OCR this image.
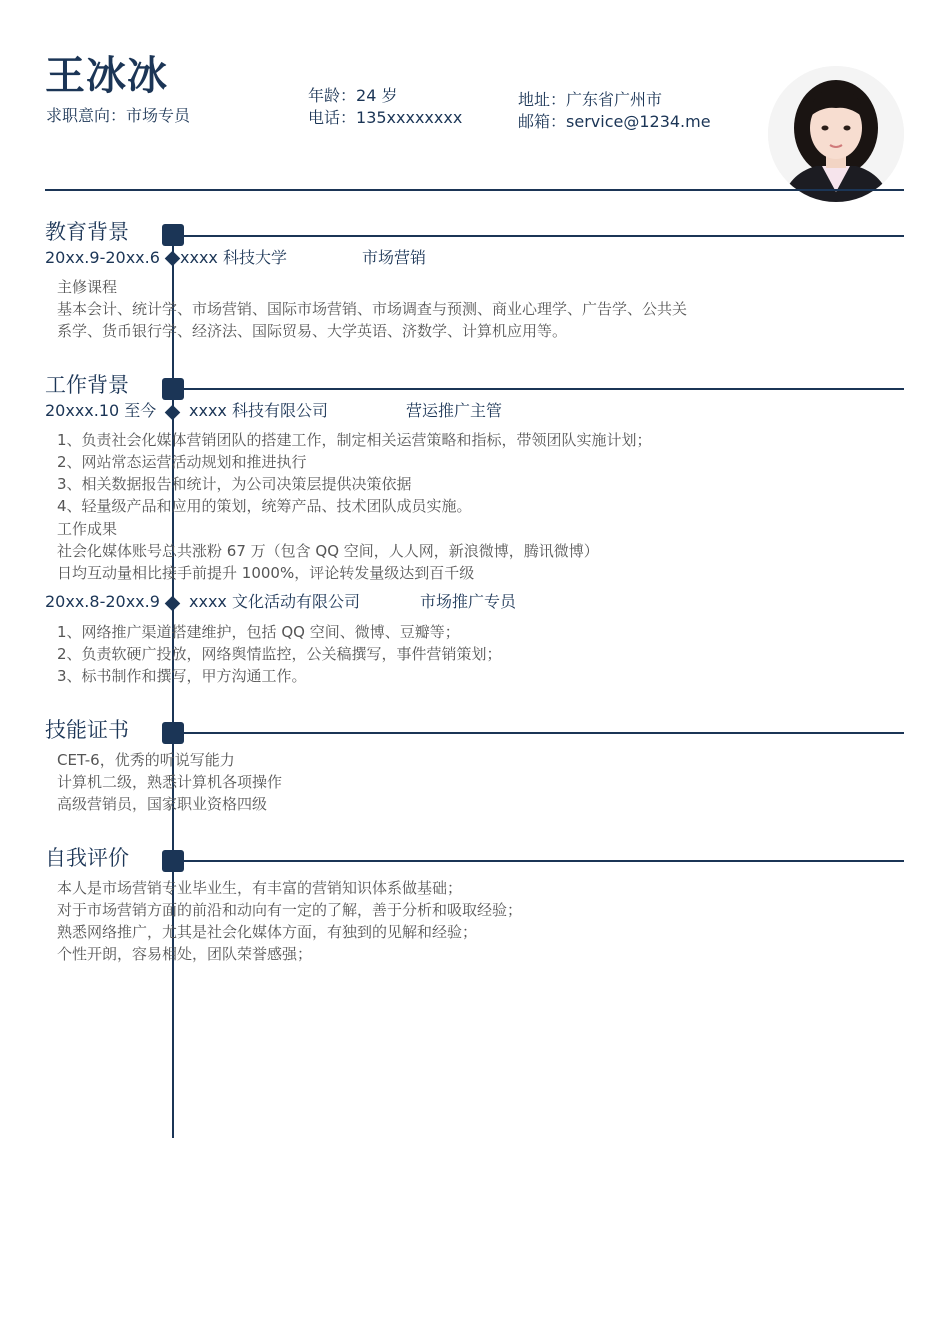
王冰冰
求职意向：市场专员
年龄：24 岁
电话：135xxxxxxxx
地址：广东省广州市
邮箱：service@1234.me
教育背景
20xx.9-20xx.6 xxxx 科技大学	市场营销
主修课程
基本会计、统计学、市场营销、国际市场营销、市场调查与预测、商业心理学、广告学、公共关
系学、货币银行学、经济法、国际贸易、大学英语、济数学、计算机应用等。
工作背景
20xxx.10 至今 xxxx 科技有限公司	营运推广主管
1、负责社会化媒体营销团队的搭建工作，制定相关运营策略和指标，带领团队实施计划；
2、网站常态运营活动规划和推进执行
3、相关数据报告和统计，为公司决策层提供决策依据
4、轻量级产品和应用的策划，统筹产品、技术团队成员实施。
工作成果
社会化媒体账号总共涨粉 67 万（包含 QQ 空间，人人网，新浪微博，腾讯微博）
日均互动量相比接手前提升 1000%，评论转发量级达到百千级
20xx.8-20xx.9 xxxx 文化活动有限公司	市场推广专员
1、网络推广渠道搭建维护，包括 QQ 空间、微博、豆瓣等；
2、负责软硬广投放，网络舆情监控，公关稿撰写，事件营销策划；
3、标书制作和撰写，甲方沟通工作。
技能证书
CET-6，优秀的听说写能力
计算机二级，熟悉计算机各项操作
高级营销员，国家职业资格四级
自我评价
本人是市场营销专业毕业生，有丰富的营销知识体系做基础；
对于市场营销方面的前沿和动向有一定的了解，善于分析和吸取经验；
熟悉网络推广，尤其是社会化媒体方面，有独到的见解和经验；
个性开朗，容易相处，团队荣誉感强；
